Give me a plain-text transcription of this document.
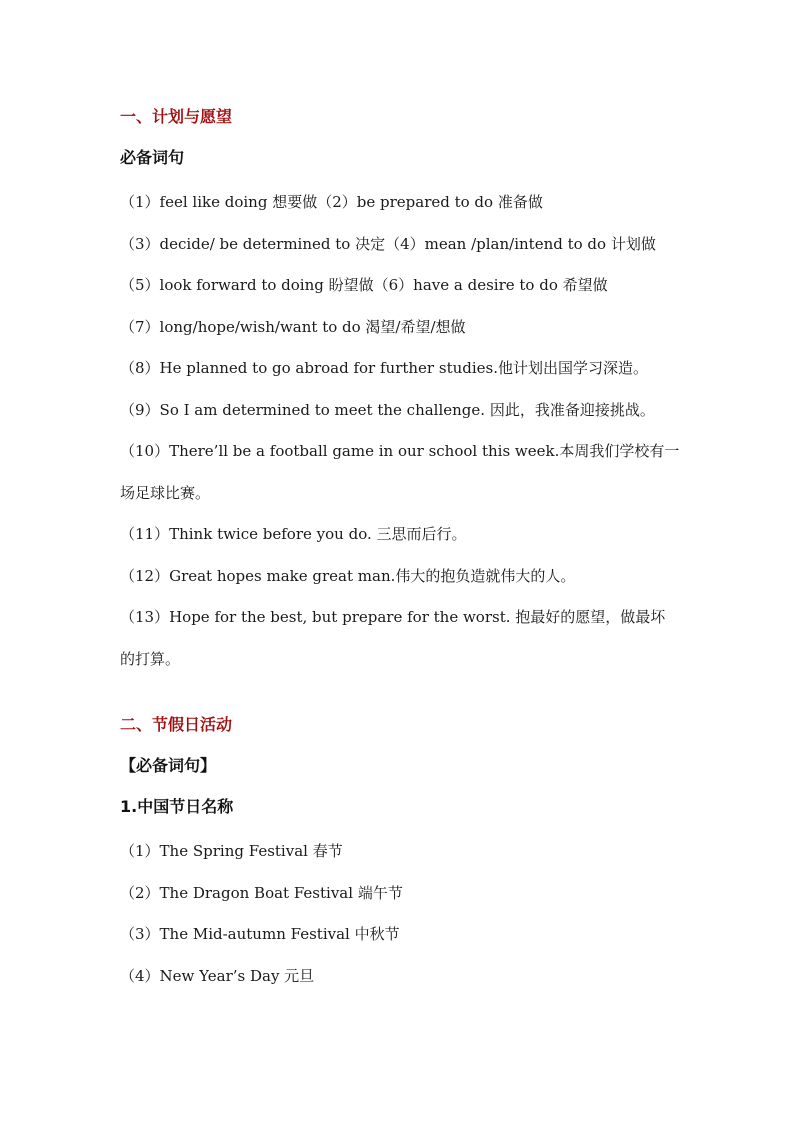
一、计划与愿望
必备词句
（1）feel like doing 想要做（2）be prepared to do 准备做
（3）decide/ be determined to 决定（4）mean /plan/intend to do 计划做
（5）look forward to doing 盼望做（6）have a desire to do 希望做
（7）long/hope/wish/want to do 渴望/希望/想做
（8）He planned to go abroad for further studies.他计划出国学习深造。
（9）So I am determined to meet the challenge. 因此，我准备迎接挑战。
（10）There’ll be a football game in our school this week.本周我们学校有一场足球比赛。
（11）Think twice before you do. 三思而后行。
（12）Great hopes make great man.伟大的抱负造就伟大的人。
（13）Hope for the best, but prepare for the worst. 抱最好的愿望，做最坏的打算。
二、节假日活动
【必备词句】
1.中国节日名称
（1）The Spring Festival 春节
（2）The Dragon Boat Festival 端午节
（3）The Mid-autumn Festival 中秋节
（4）New Year’s Day 元旦
